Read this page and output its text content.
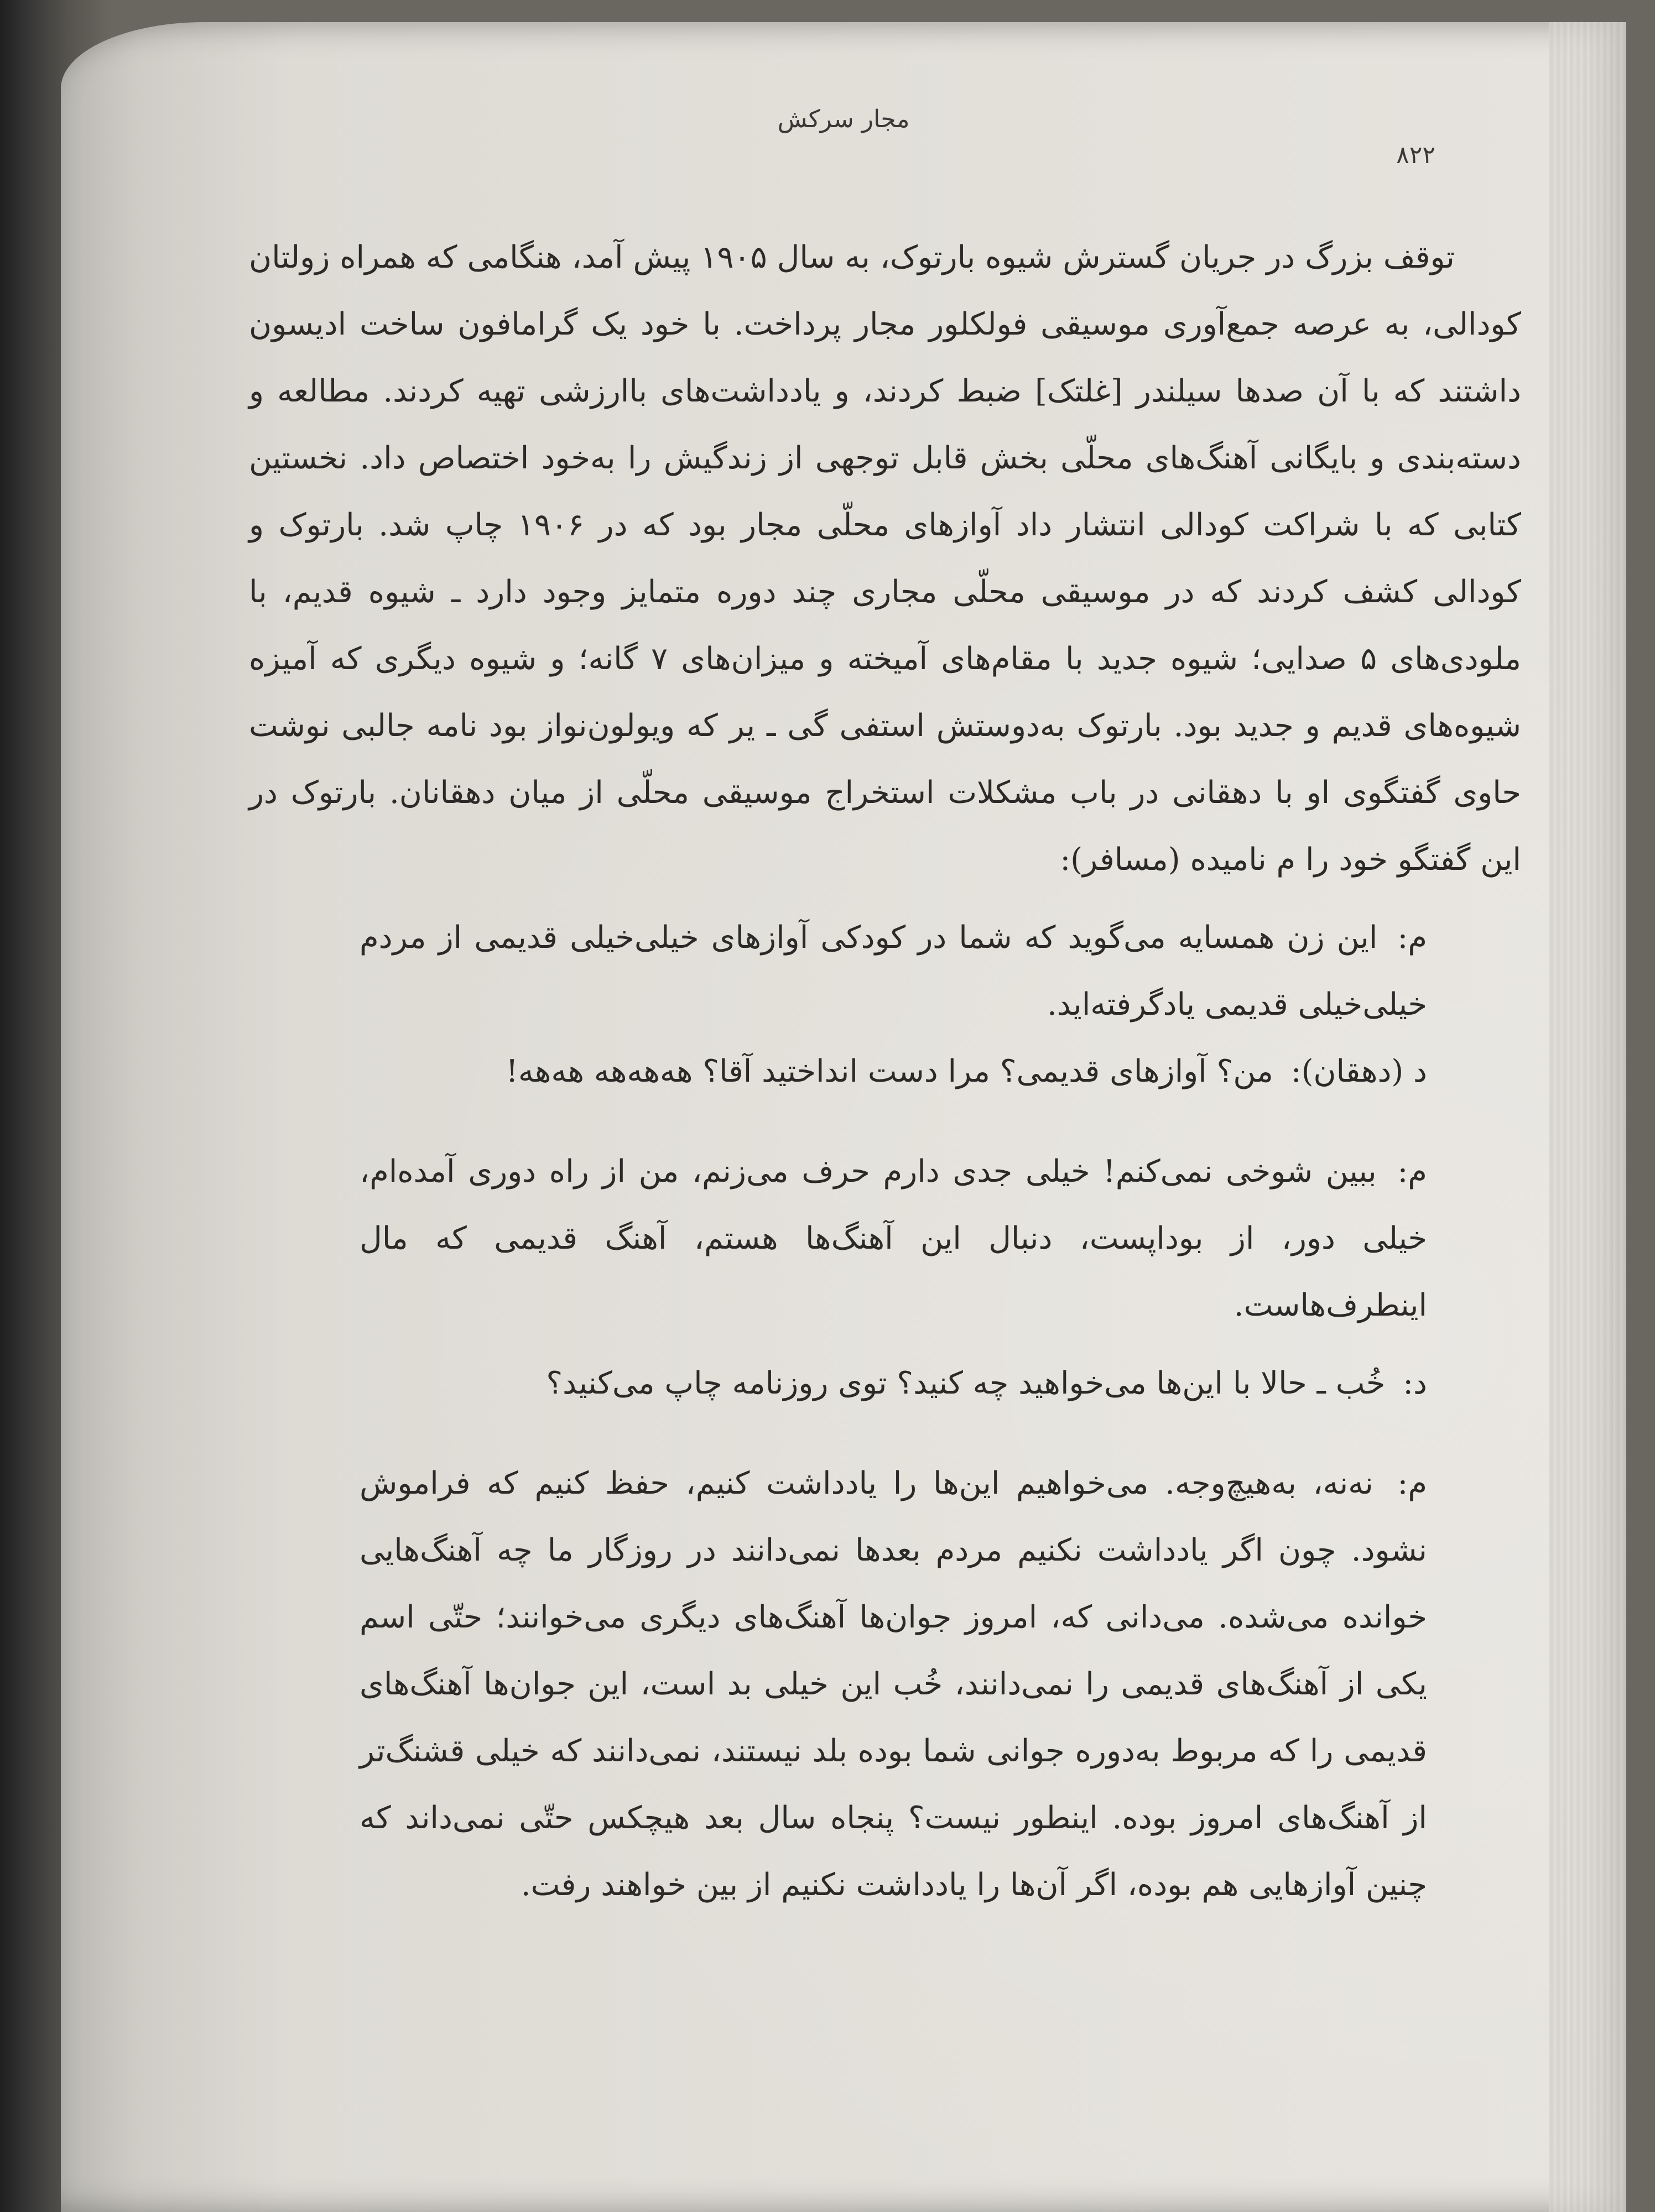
مجار سرکش
۸۲۲

توقف بزرگ در جریان گسترش شیوه بارتوک، به سال ۱۹۰۵ پیش آمد، هنگامی که همراه زولتان کودالی، به عرصه جمع‌آوری موسیقی فولکلور مجار پرداخت. با خود یک گرامافون ساخت ادیسون داشتند که با آن صدها سیلندر [غلتک] ضبط کردند، و یادداشت‌های باارزشی تهیه کردند. مطالعه و دسته‌بندی و بایگانی آهنگ‌های محلّی بخش قابل توجهی از زندگیش را به‌خود اختصاص داد. نخستین کتابی که با شراکت کودالی انتشار داد آوازهای محلّی مجار بود که در ۱۹۰۶ چاپ شد. بارتوک و کودالی کشف کردند که در موسیقی محلّی مجاری چند دوره متمایز وجود دارد ـ شیوه قدیم، با ملودی‌های ۵ صدایی؛ شیوه جدید با مقام‌های آمیخته و میزان‌های ۷ گانه؛ و شیوه دیگری که آمیزه شیوه‌های قدیم و جدید بود. بارتوک به‌دوستش استفی گی ـ یر که ویولون‌نواز بود نامه جالبی نوشت حاوی گفتگوی او با دهقانی در باب مشکلات استخراج موسیقی محلّی از میان دهقانان. بارتوک در این گفتگو خود را م نامیده (مسافر):

م: این زن همسایه می‌گوید که شما در کودکی آوازهای خیلی‌خیلی قدیمی از مردم خیلی‌خیلی قدیمی یادگرفته‌اید.

د (دهقان): من؟ آوازهای قدیمی؟ مرا دست انداختید آقا؟ هه‌هه‌هه هه‌هه!

م: ببین شوخی نمی‌کنم! خیلی جدی دارم حرف می‌زنم، من از راه دوری آمده‌ام، خیلی دور، از بوداپست، دنبال این آهنگ‌ها هستم، آهنگ قدیمی که مال اینطرف‌هاست.

د: خُب ـ حالا با این‌ها می‌خواهید چه کنید؟ توی روزنامه چاپ می‌کنید؟

م: نه‌نه، به‌هیچ‌وجه. می‌خواهیم این‌ها را یادداشت کنیم، حفظ کنیم که فراموش نشود. چون اگر یادداشت نکنیم مردم بعدها نمی‌دانند در روزگار ما چه آهنگ‌هایی خوانده می‌شده. می‌دانی که، امروز جوان‌ها آهنگ‌های دیگری می‌خوانند؛ حتّی اسم یکی از آهنگ‌های قدیمی را نمی‌دانند، خُب این خیلی بد است، این جوان‌ها آهنگ‌های قدیمی را که مربوط به‌دوره جوانی شما بوده بلد نیستند، نمی‌دانند که خیلی قشنگ‌تر از آهنگ‌های امروز بوده. اینطور نیست؟ پنجاه سال بعد هیچکس حتّی نمی‌داند که چنین آوازهایی هم بوده، اگر آن‌ها را یادداشت نکنیم از بین خواهند رفت.
